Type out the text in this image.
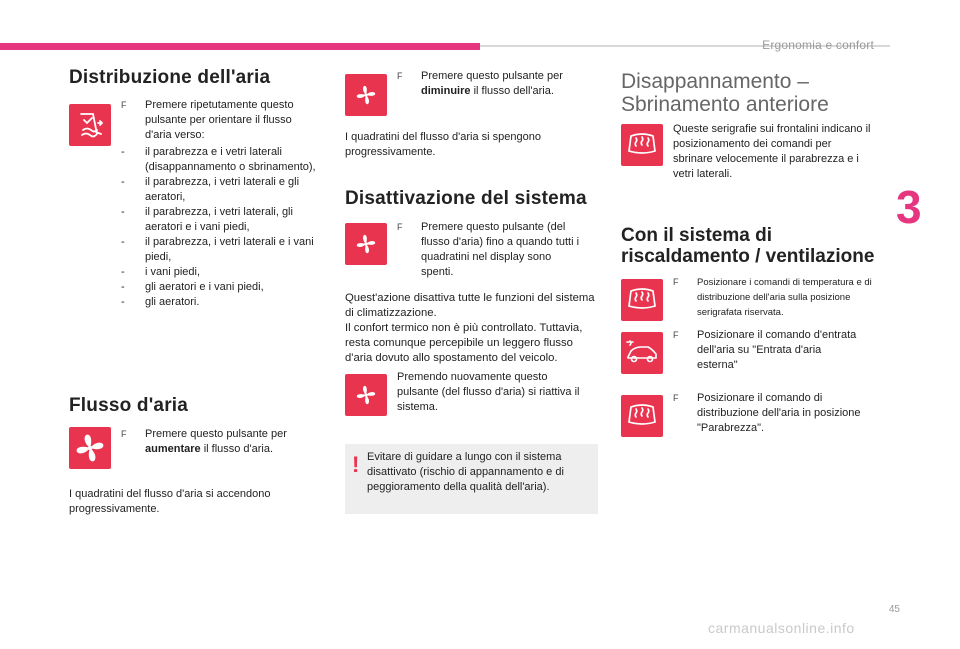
Ergonomia e confort
3
45
Distribuzione dell'aria
F	Premere ripetutamente questo pulsante per orientare il flusso d'aria verso:
- il parabrezza e i vetri laterali (disappannamento o sbrinamento),
- il parabrezza, i vetri laterali e gli aeratori,
- il parabrezza, i vetri laterali, gli aeratori e i vani piedi,
- il parabrezza, i vetri laterali e i vani piedi,
- i vani piedi,
- gli aeratori e i vani piedi,
- gli aeratori.
Flusso d'aria
F	Premere questo pulsante per
aumentare il flusso d'aria.
I quadratini del flusso d'aria si accendono progressivamente.
F	Premere questo pulsante per
diminuire il flusso dell'aria.
I quadratini del flusso d'aria si spengono progressivamente.
Disattivazione del sistema
F	Premere questo pulsante (del flusso d'aria) fino a quando tutti i quadratini nel display sono spenti.
Quest'azione disattiva tutte le funzioni del sistema di climatizzazione.
Il confort termico non è più controllato. Tuttavia, resta comunque percepibile un leggero flusso d'aria dovuto allo spostamento del veicolo.
Premendo nuovamente questo pulsante (del flusso d'aria) si riattiva il sistema.
! Evitare di guidare a lungo con il sistema disattivato (rischio di appannamento e di peggioramento della qualità dell'aria).
Disappannamento –
Sbrinamento anteriore
Queste serigrafie sui frontalini indicano il posizionamento dei comandi per sbrinare velocemente il parabrezza e i vetri laterali.
Con il sistema di
riscaldamento / ventilazione
F	Posizionare i comandi di temperatura e di distribuzione dell'aria sulla posizione serigrafata riservata.
F	Posizionare il comando d'entrata dell'aria su "Entrata d'aria esterna"
F	Posizionare il comando di distribuzione dell'aria in posizione "Parabrezza".
carmanualsonline.info
